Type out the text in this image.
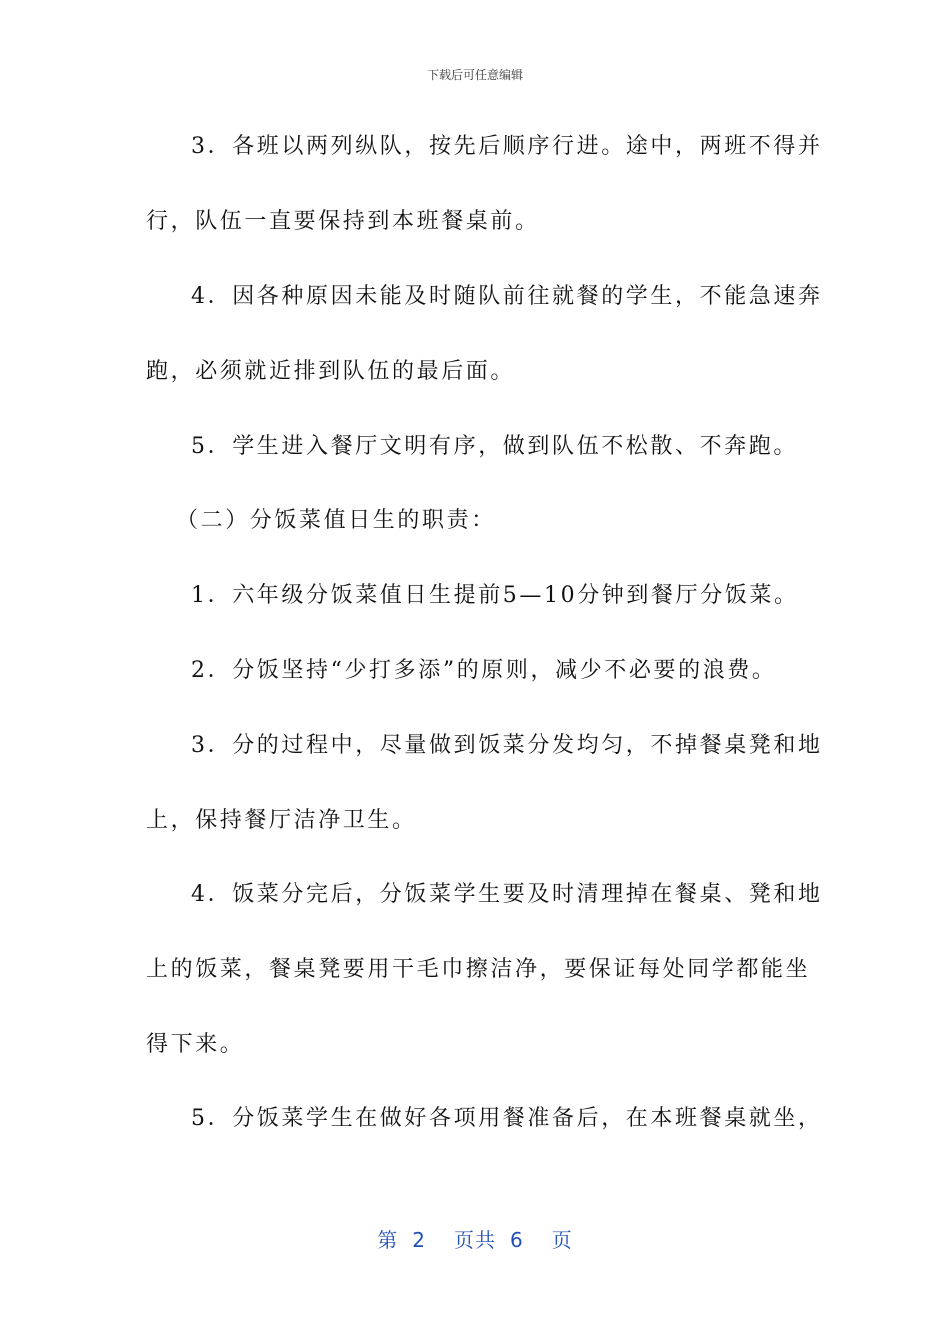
下载后可任意编辑
3．各班以两列纵队，按先后顺序行进。途中，两班不得并
行，队伍一直要保持到本班餐桌前。
4．因各种原因未能及时随队前往就餐的学生，不能急速奔
跑，必须就近排到队伍的最后面。
5．学生进入餐厅文明有序，做到队伍不松散、不奔跑。
（二）分饭菜值日生的职责：
1．六年级分饭菜值日生提前5—10分钟到餐厅分饭菜。
2．分饭坚持“少打多添”的原则，减少不必要的浪费。
3．分的过程中，尽量做到饭菜分发均匀，不掉餐桌凳和地
上，保持餐厅洁净卫生。
4．饭菜分完后，分饭菜学生要及时清理掉在餐桌、凳和地
上的饭菜，餐桌凳要用干毛巾擦洁净，要保证每处同学都能坐
得下来。
5．分饭菜学生在做好各项用餐准备后，在本班餐桌就坐，
第 2 页共 6 页
